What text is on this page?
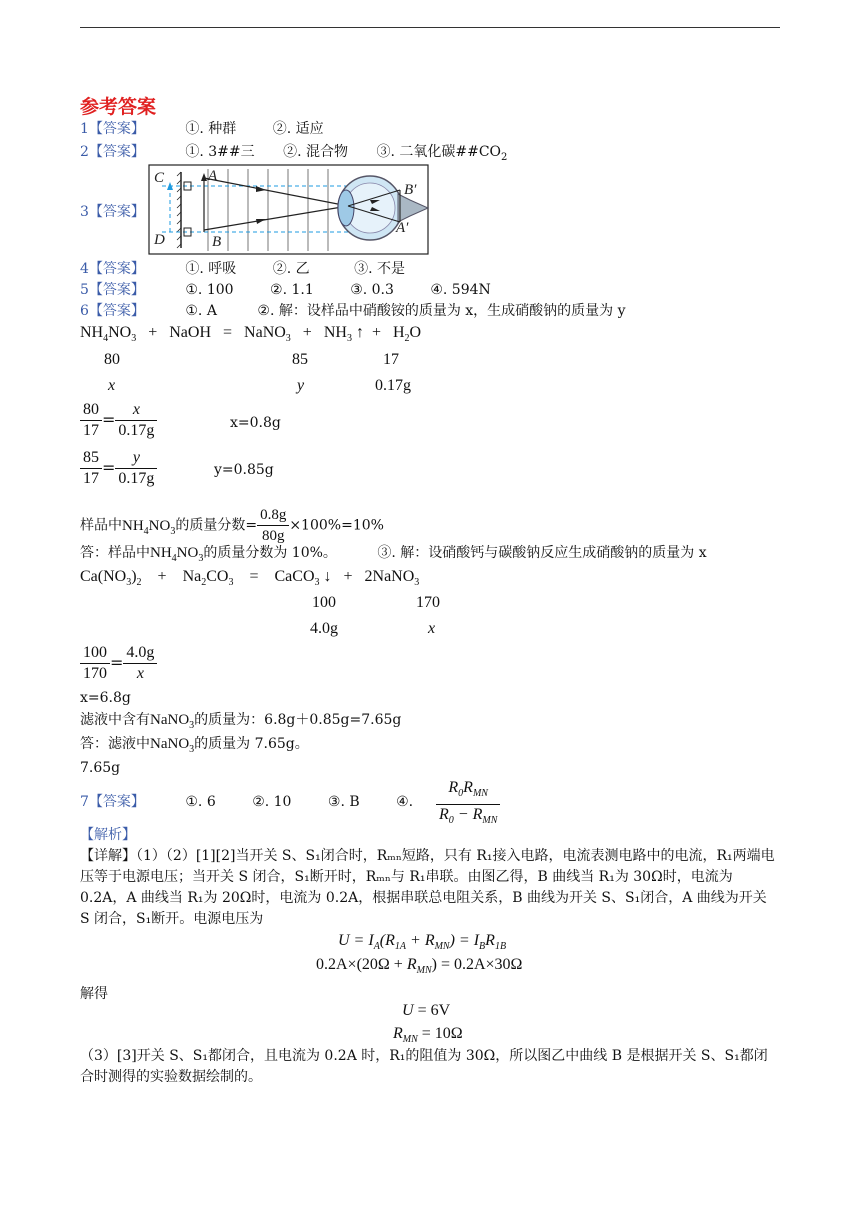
参考答案
1【答案】	①. 种群	②. 适应
2【答案】	①. 3##三 ②. 混合物 ③. 二氧化碳$\#\#CO_2$
3【答案】
C	A
D	B
B′
A′
4【答案】	①. 呼吸	②. 乙	③. 不是
5【答案】	①. 100	②. 1.1	③. 0.3	④. 594N
6【答案】	①. A	②. 解：设样品中硝酸铵的质量为 x，生成硝酸钠的质量为 y
$NH_4NO_3$   +   NaOH   =   NaNO$_3$   +   $NH_3$ ↑  +   $H_2O$
80	85	17
x	y	0.17g
$\frac{80}{17} = \frac{x}{0.17g}$	x=0.8g
$\frac{85}{17} = \frac{y}{0.17g}$	y=0.85g
样品中$NH_4NO_3$的质量分数= $\frac{0.8g}{80g} \times 100\%=10\%$
答：样品中$NH_4NO_3$的质量分数为 10%。	③. 解：设硝酸钙与碳酸钠反应生成硝酸钠的质量为 x
$Ca(NO_3)_2$    +    $Na_2CO_3$    =    CaCO$_3$ ↓   +   2NaNO$_3$
100	170
4.0g	x
$\frac{100}{170} = \frac{4.0g}{x}$
x=6.8g
滤液中含有NaNO$_3$的质量为：6.8g＋0.85g=7.65g
答：滤液中NaNO$_3$的质量为 7.65g。
7.65g
7【答案】	①. 6	②. 10	③. B	④. $\frac{R_0R_{MN}}{R_0 - R_{MN}}$
【解析】
【详解】（1）（2）[1][2]当开关 S、S₁闭合时，Rₘₙ短路，只有 R₁接入电路，电流表测电路中的电流，R₁两端电压等于电源电压；当开关 S 闭合，S₁断开时，Rₘₙ与 R₁串联。由图乙得，B 曲线当 R₁为 30Ω时，电流为 0.2A，A 曲线当 R₁为 20Ω时，电流为 0.2A，根据串联总电阻关系，B 曲线为开关 S、S₁闭合，A 曲线为开关 S 闭合，S₁断开。电源电压为
$U = I_A(R_{1A} + R_{MN}) = I_BR_{1B}$
$0.2A\times(20\Omega + R_{MN}) = 0.2A\times 30\Omega$
解得
U = 6V
$R_{MN} = 10\Omega$
（3）[3]开关 S、S₁都闭合，且电流为 0.2A 时，R₁的阻值为 30Ω，所以图乙中曲线 B 是根据开关 S、S₁都闭合时测得的实验数据绘制的。
